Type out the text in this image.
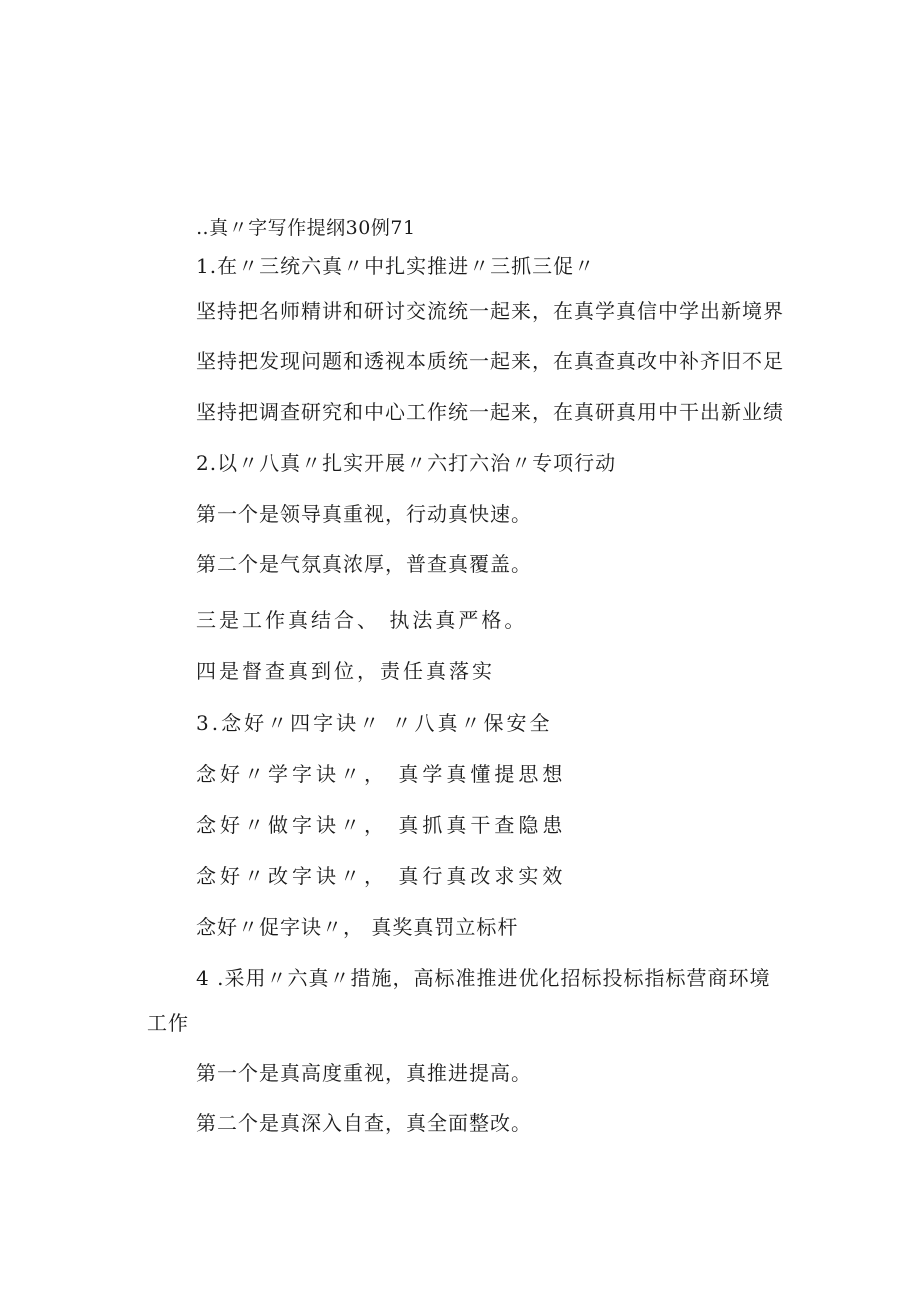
‥真〃字写作提纲30例71
1.在〃三统六真〃中扎实推进〃三抓三促〃
坚持把名师精讲和研讨交流统一起来，在真学真信中学出新境界
坚持把发现问题和透视本质统一起来，在真查真改中补齐旧不足
坚持把调查研究和中心工作统一起来，在真研真用中干出新业绩
2.以〃八真〃扎实开展〃六打六治〃专项行动
第一个是领导真重视，行动真快速。
第二个是气氛真浓厚，普查真覆盖。
三是工作真结合、 执法真严格。
四是督查真到位，责任真落实
3.念好〃四字诀〃 〃八真〃保安全
念好〃学字诀〃， 真学真懂提思想
念好〃做字诀〃， 真抓真干查隐患
念好〃改字诀〃， 真行真改求实效
念好〃促字诀〃， 真奖真罚立标杆
4 .采用〃六真〃措施，高标准推进优化招标投标指标营商环境
工作
第一个是真高度重视，真推进提高。
第二个是真深入自查，真全面整改。
